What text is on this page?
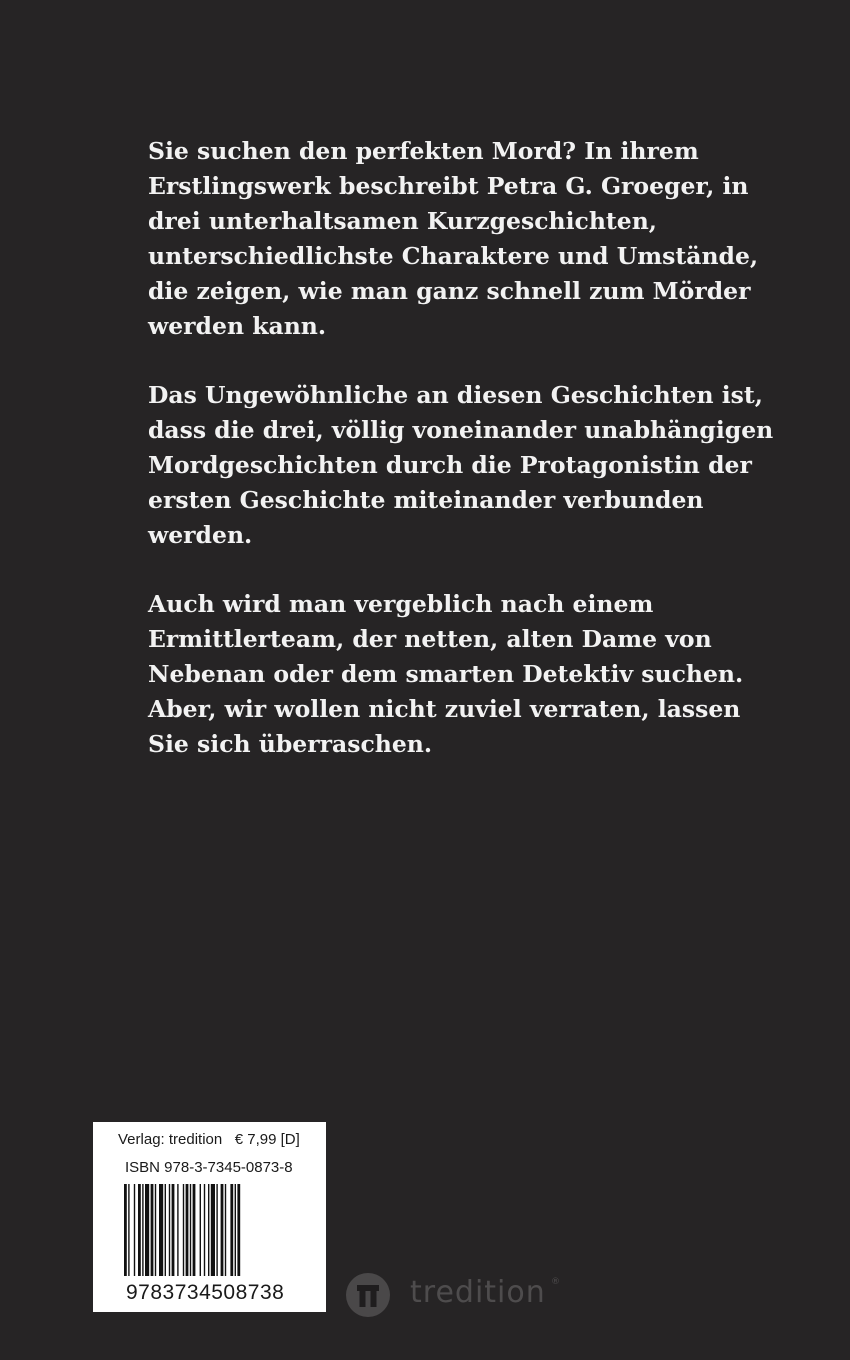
Sie suchen den perfekten Mord? In ihrem Erstlingswerk beschreibt Petra G. Groeger, in drei unterhaltsamen Kurzgeschichten, unterschiedlichste Charaktere und Umstände, die zeigen, wie man ganz schnell zum Mörder werden kann.

Das Ungewöhnliche an diesen Geschichten ist, dass die drei, völlig voneinander unabhängigen Mordgeschichten durch die Protagonistin der ersten Geschichte miteinander verbunden werden.

Auch wird man vergeblich nach einem Ermittlerteam, der netten, alten Dame von Nebenan oder dem smarten Detektiv suchen. Aber, wir wollen nicht zuviel verraten, lassen Sie sich überraschen.

Verlag: tredition   € 7,99 [D]
ISBN 978-3-7345-0873-8
9783734508738	tredition ®
